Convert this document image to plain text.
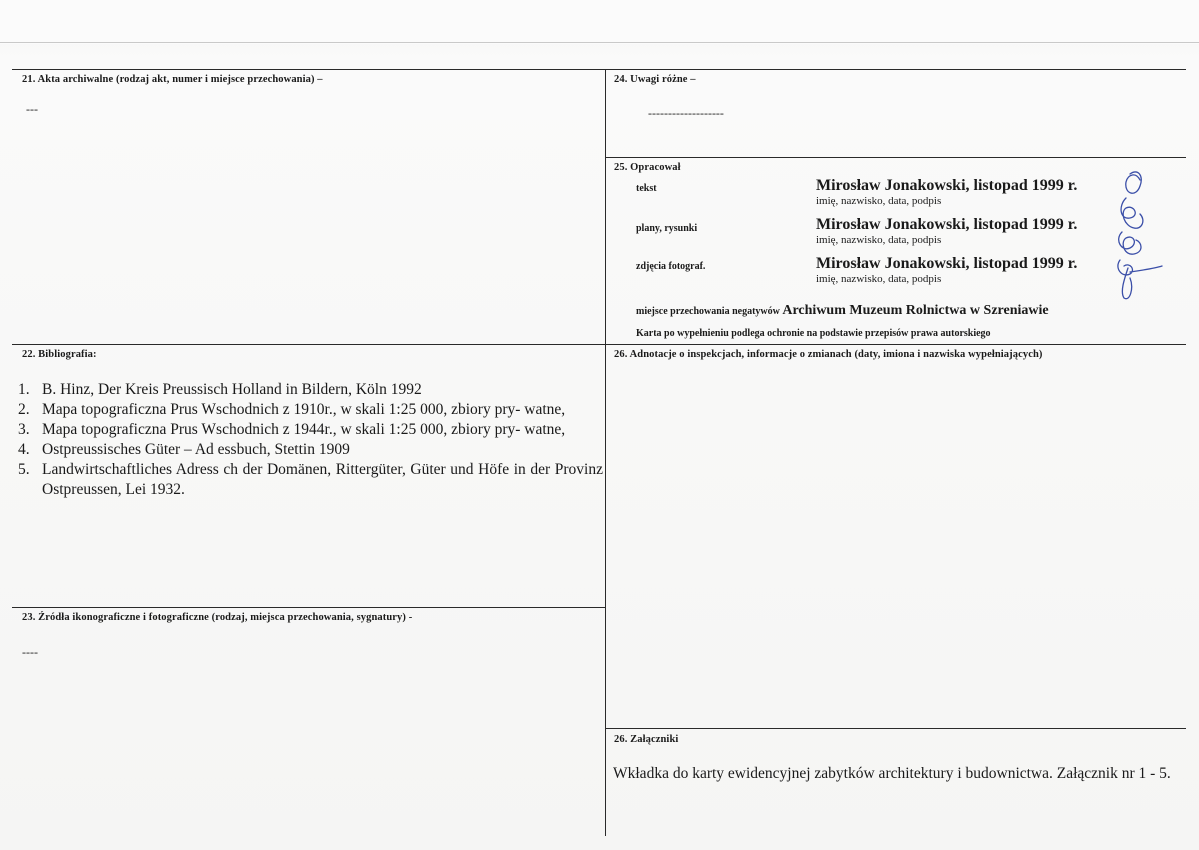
21. Akta archiwalne (rodzaj akt, numer i miejsce przechowania) –
---
24. Uwagi różne –
-------------------
25. Opracował
tekst	Mirosław Jonakowski, listopad 1999 r.
imię, nazwisko, data, podpis
plany, rysunki	Mirosław Jonakowski, listopad 1999 r.
imię, nazwisko, data, podpis
zdjęcia fotograf.	Mirosław Jonakowski, listopad 1999 r.
imię, nazwisko, data, podpis
miejsce przechowania negatywów Archiwum Muzeum Rolnictwa w Szreniawie
Karta po wypełnieniu podlega ochronie na podstawie przepisów prawa autorskiego
22. Bibliografia:
1. B. Hinz, Der Kreis Preussisch Holland in Bildern, Köln 1992
2. Mapa topograficzna Prus Wschodnich z 1910r., w skali 1:25 000, zbiory pry- watne,
3. Mapa topograficzna Prus Wschodnich z 1944r., w skali 1:25 000, zbiory pry- watne,
4. Ostpreussisches Güter – Ad essbuch, Stettin 1909
5. Landwirtschaftliches Adress ch der Domänen, Rittergüter, Güter und Höfe in der Provinz Ostpreussen, Lei 1932.
26. Adnotacje o inspekcjach, informacje o zmianach (daty, imiona i nazwiska wypełniających)
23. Źródła ikonograficzne i fotograficzne (rodzaj, miejsca przechowania, sygnatury) -
----
26. Załączniki
Wkładka do karty ewidencyjnej zabytków architektury i budownictwa. Załącznik nr 1 - 5.
